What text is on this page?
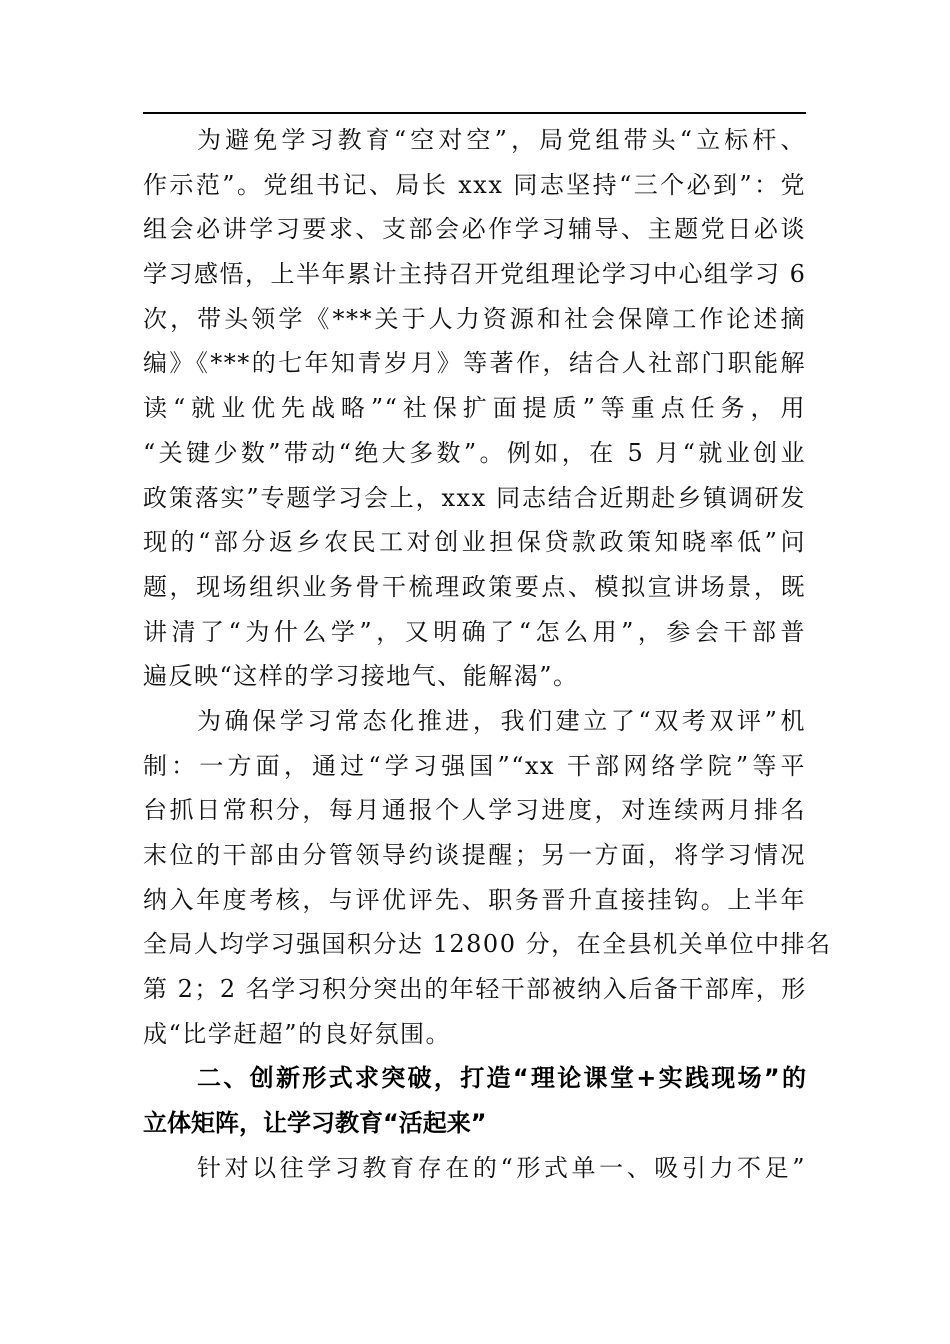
为避免学习教育“空对空”，局党组带头“立标杆、
作示范”。党组书记、局长 xxx 同志坚持“三个必到”：党
组会必讲学习要求、支部会必作学习辅导、主题党日必谈
学习感悟，上半年累计主持召开党组理论学习中心组学习 6
次，带头领学《***关于人力资源和社会保障工作论述摘
编》《***的七年知青岁月》等著作，结合人社部门职能解
读“就业优先战略”“社保扩面提质”等重点任务，用
“关键少数”带动“绝大多数”。例如，在 5 月“就业创业
政策落实”专题学习会上，xxx 同志结合近期赴乡镇调研发
现的“部分返乡农民工对创业担保贷款政策知晓率低”问
题，现场组织业务骨干梳理政策要点、模拟宣讲场景，既
讲清了“为什么学”，又明确了“怎么用”，参会干部普
遍反映“这样的学习接地气、能解渴”。
为确保学习常态化推进，我们建立了“双考双评”机
制：一方面，通过“学习强国”“xx 干部网络学院”等平
台抓日常积分，每月通报个人学习进度，对连续两月排名
末位的干部由分管领导约谈提醒；另一方面，将学习情况
纳入年度考核，与评优评先、职务晋升直接挂钩。上半年
全局人均学习强国积分达 12800 分，在全县机关单位中排名
第 2；2 名学习积分突出的年轻干部被纳入后备干部库，形
成“比学赶超”的良好氛围。
二、创新形式求突破，打造“理论课堂+实践现场”的
立体矩阵，让学习教育“活起来”
针对以往学习教育存在的“形式单一、吸引力不足”
